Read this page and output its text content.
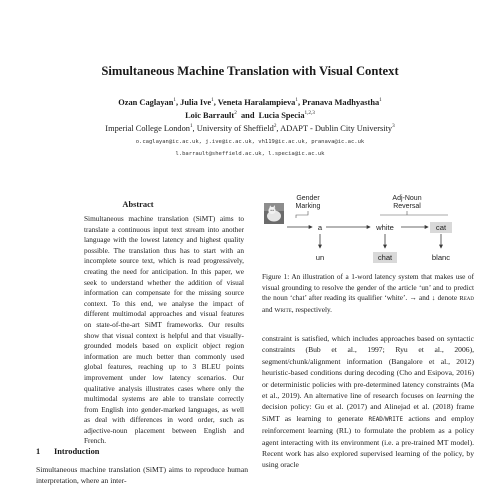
Simultaneous Machine Translation with Visual Context
Ozan Caglayan$^1$, Julia Ive$^1$, Veneta Haralampieva$^1$, Pranava Madhyastha$^1$
Loïc Barrault$^2$ and Lucia Specia$^{1,2,3}$
Imperial College London$^1$, University of Sheffield$^2$, ADAPT - Dublin City University$^3$
o.caglayan@ic.ac.uk, j.ive@ic.ac.uk, vh119@ic.ac.uk, pranava@ic.ac.uk
l.barrault@sheffield.ac.uk, l.specia@ic.ac.uk
Abstract

Simultaneous machine translation (SiMT) aims to translate a continuous input text stream into another language with the lowest latency and highest quality possible. The translation thus has to start with an incomplete source text, which is read progressively, creating the need for anticipation. In this paper, we seek to understand whether the addition of visual information can compensate for the missing source context. To this end, we analyse the impact of different multimodal approaches and visual features on state-of-the-art SiMT frameworks. Our results show that visual context is helpful and that visually-grounded models based on explicit object region information are much better than commonly used global features, reaching up to 3 BLEU points improvement under low latency scenarios. Our qualitative analysis illustrates cases where only the multimodal systems are able to translate correctly from English into gender-marked languages, as well as deal with differences in word order, such as adjective-noun placement between English and French.

1 Introduction

Simultaneous machine translation (SiMT) aims to reproduce human interpretation, where an inter-

Gender
Marking
Adj-Noun
Reversal
a	white	cat
un	chat	blanc

Figure 1: An illustration of a 1-word latency system that makes use of visual grounding to resolve the gender of the article ‘un’ and to predict the noun ‘chat’ after reading its qualifier ‘white’. → and ↓ denote Read and Write, respectively.

constraint is satisfied, which includes approaches based on syntactic constraints (Bub et al., 1997; Ryu et al., 2006), segment/chunk/alignment information (Bangalore et al., 2012) heuristic-based conditions during decoding (Cho and Esipova, 2016) or deterministic policies with pre-determined latency constraints (Ma et al., 2019). An alternative line of research focuses on learning the decision policy: Gu et al. (2017) and Alinejad et al. (2018) frame SiMT as learning to generate READ/WRITE actions and employ reinforcement learning (RL) to formulate the problem as a policy agent interacting with its environment (i.e. a pre-trained MT model). Recent work has also explored supervised learning of the policy, by using oracle
